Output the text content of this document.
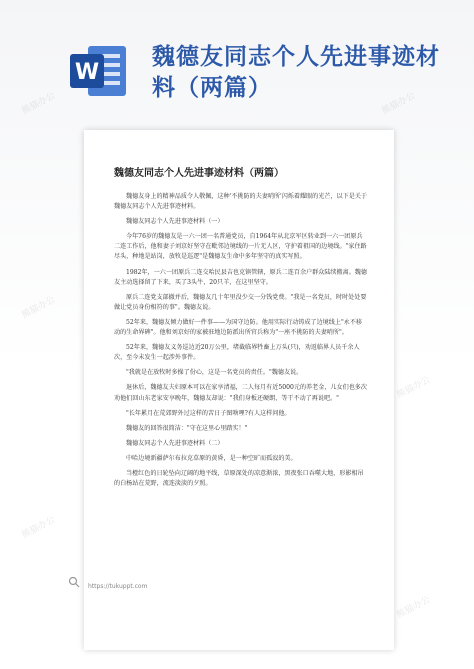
W
魏德友同志个人先进事迹材料（两篇）
魏德友同志个人先进事迹材料（两篇）

魏德友身上的精神品质令人敬佩，这种'不挑防的夫妻哨所'闪烁着耀眼的光芒，以下是关于魏德友同志个人先进事迹材料。

魏德友同志个人先进事迹材料（一）

今年76岁的魏德友是一六一团一名普通党员，自1964年从北京军区转业到一六一团原兵二连工作后，他和妻子刘京好坚守在毗邻边境线的一片无人区，守护着祖国的边境线。"家住路尽头，种地是站岗，放牧是巡逻"是魏德友生命中多年坚守的真实写照。

1982年，一六一团原兵二连交哈民县吉也克镇管辖，原兵二连百余户群众陆续搬离。魏德友主动选择留了下来，买了3头牛，20只羊，在这里坚守。

原兵二连党支部撤并后，魏德友几十年里没少交一分钱党费。"我是一名党员，时时处处要做让党员身份相符的事"。魏德友说。

52年来，魏德友倾力做好一件事——为国守边防。他用实际行动铸成了边境线上"永不移动的生命界碑"。他和刘京好的家被驻地边防派出所官兵称为"一座不挑防的夫妻哨所"。

52年来，魏德友义务巡边近20万公里，堵截临界牲畜上万头(只)，劝返临界人员千余人次，至今未发生一起涉外事件。

"我就是在放牧时多操了份心，这是一名党员的责任。"魏德友说。

退休后，魏德友夫妇原本可以在家享清福，二人每月有近5000元的养老金，儿女们也多次劝他们回山东老家安享晚年，魏德友却说："我们身板还硬朗，等干不动了再说吧。"

"长年累月在荒郊野外过这样的苦日子图啥哩?有人这样问他。

魏德友的回答很简洁："守在这里心里踏实！"

魏德友同志个人先进事迹材料（二）

中哈边境新疆萨尔布拉克草原的黄昏，是一种空旷而孤寂的美。

当橙红色的日轮坠向辽阔的地平线，草原深处的凉意渐浓，黑夜张口吞噬大地，形影相吊的白杨站在荒野，流连淡淡的夕照。

熊猫办公	熊猫办公
熊猫办公
熊猫办公
熊猫办公
熊猫办公
https://tukuppt.com
